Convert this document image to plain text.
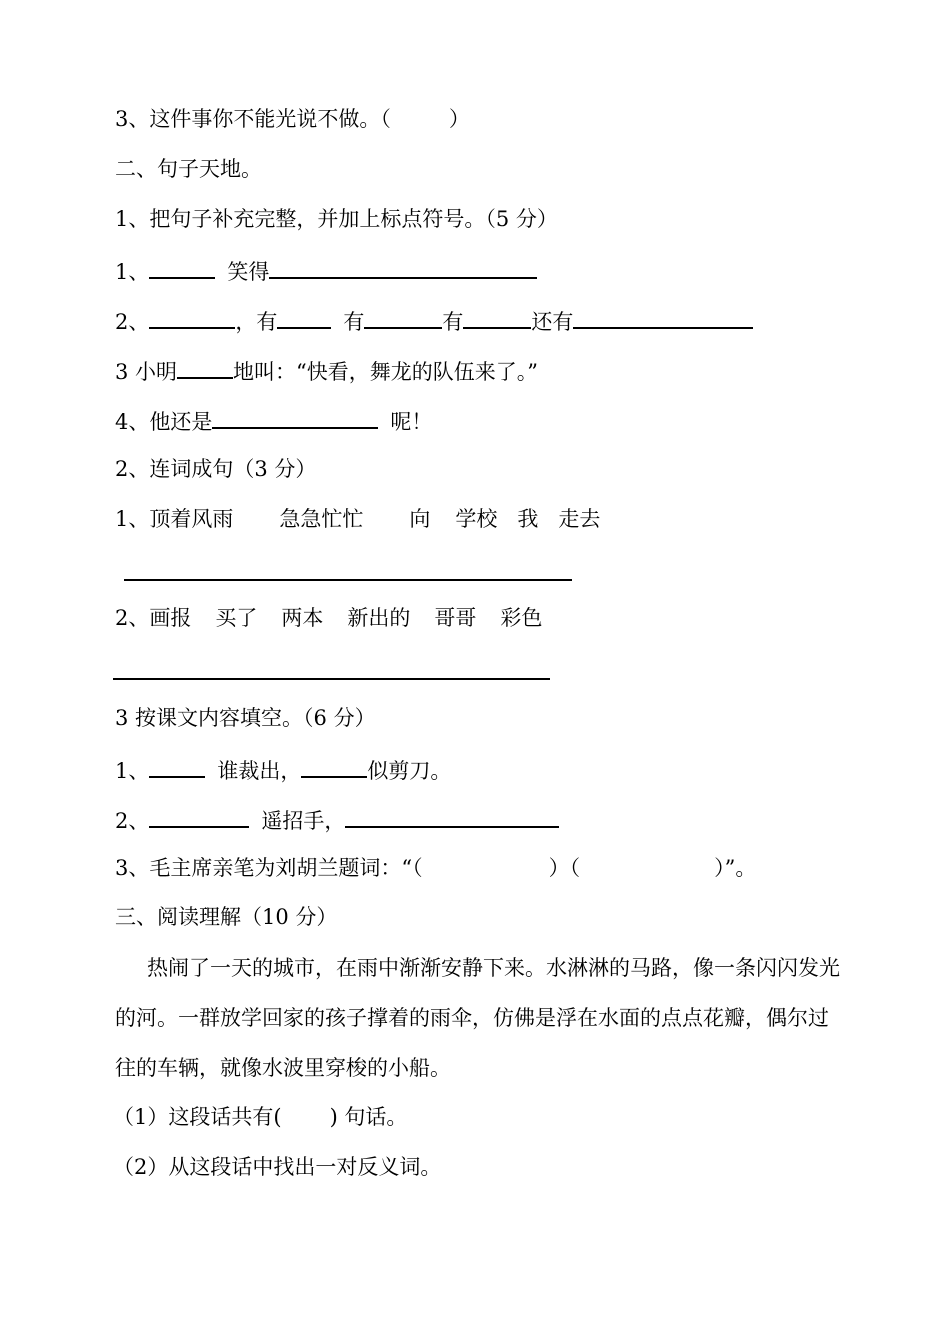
3、这件事你不能光说不做。（	）
二、句子天地。
1、把句子补充完整，并加上标点符号。（5 分）
1、	笑得
2、	，有	有	有	还有
3 小明	地叫：“快看，舞龙的队伍来了。”
4、他还是	呢！
2、连词成句（3 分）
1、顶着风雨 急急忙忙 向 学校 我 走去
2、画报 买了 两本 新出的 哥哥 彩色
3 按课文内容填空。（6 分）
1、	谁裁出，	似剪刀。
2、	遥招手，
3、毛主席亲笔为刘胡兰题词：“（	）（	）”。
三、阅读理解（10 分）
热闹了一天的城市，在雨中渐渐安静下来。水淋淋的马路，像一条闪闪发光的河。一群放学回家的孩子撑着的雨伞，仿佛是浮在水面的点点花瓣，偶尔过往的车辆，就像水波里穿梭的小船。
（1）这段话共有( ) 句话。
（2）从这段话中找出一对反义词。
